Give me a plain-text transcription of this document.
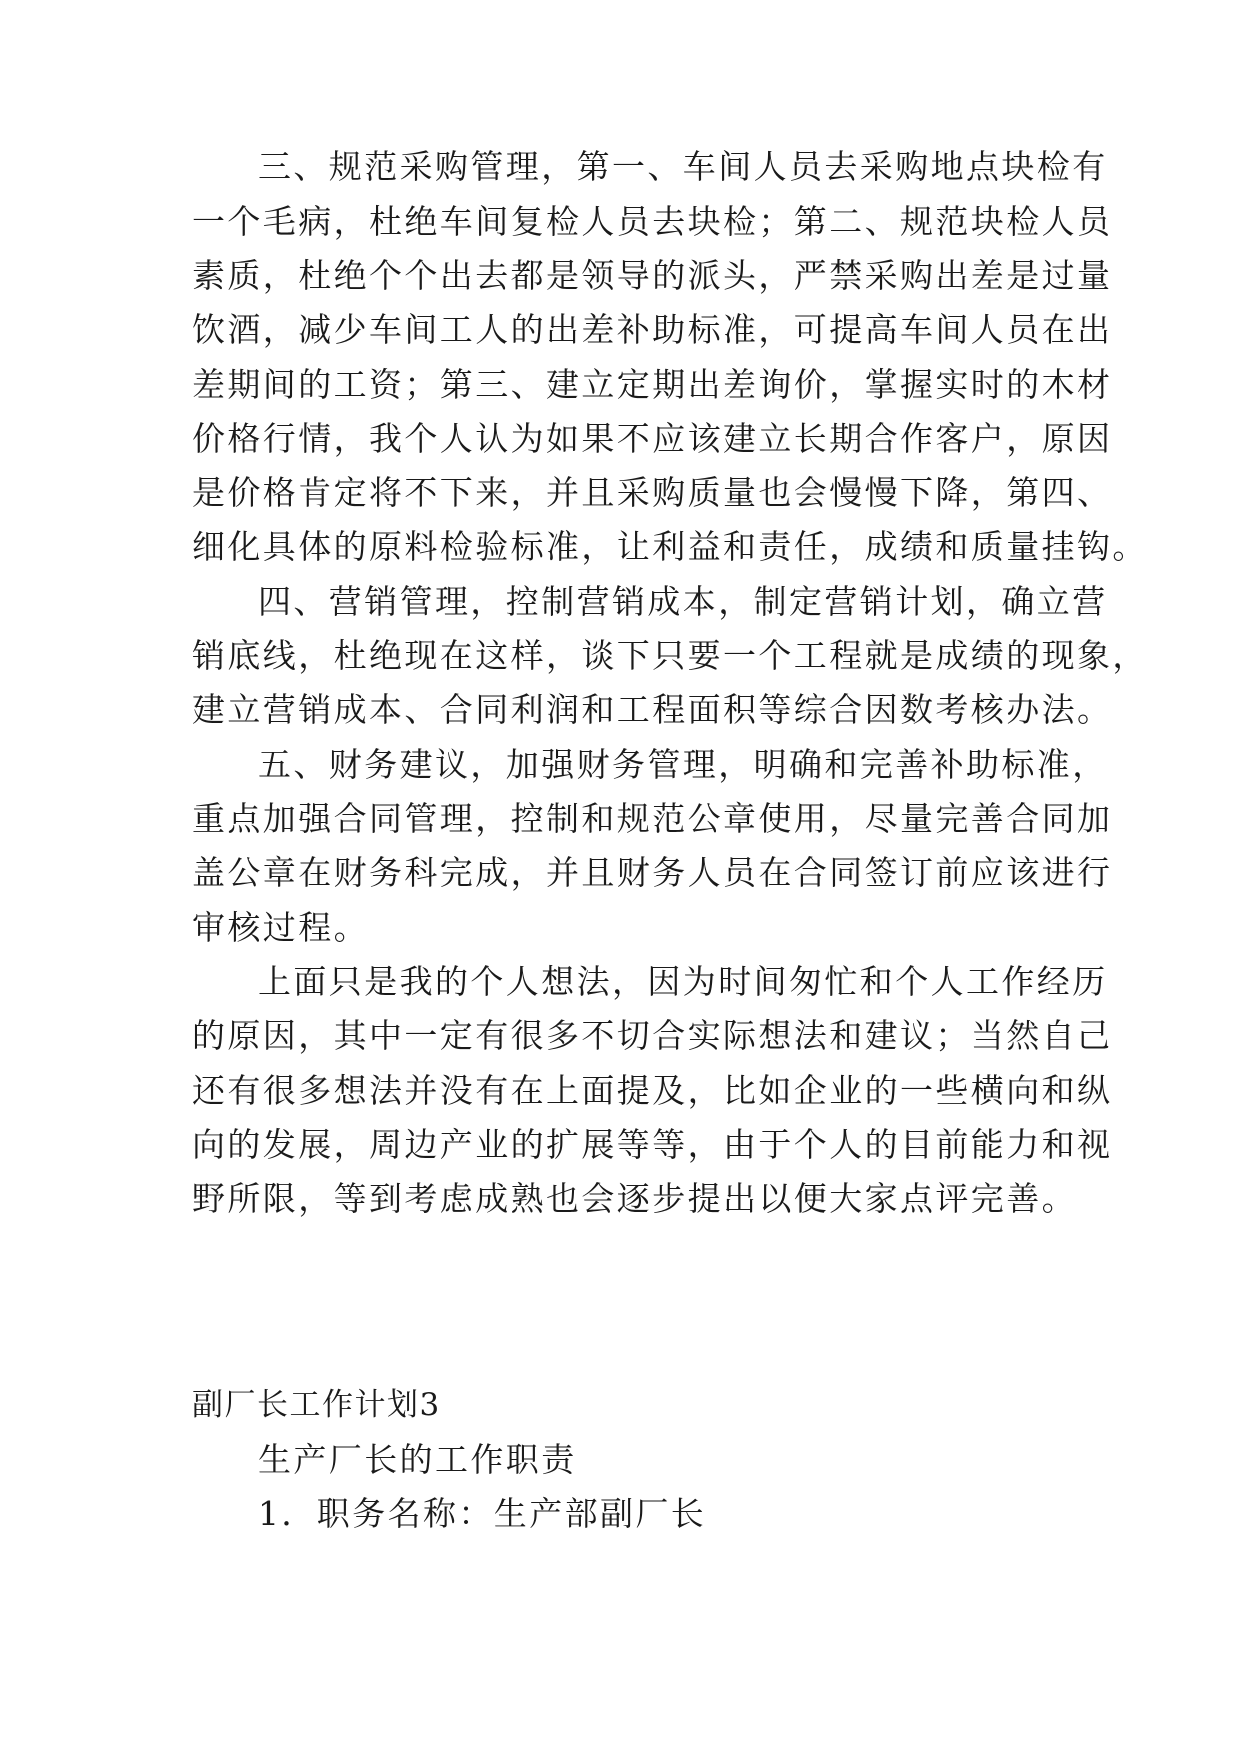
三、规范采购管理，第一、车间人员去采购地点块检有

一个毛病，杜绝车间复检人员去块检；第二、规范块检人员

素质，杜绝个个出去都是领导的派头，严禁采购出差是过量

饮酒，减少车间工人的出差补助标准，可提高车间人员在出

差期间的工资；第三、建立定期出差询价，掌握实时的木材

价格行情，我个人认为如果不应该建立长期合作客户，原因

是价格肯定将不下来，并且采购质量也会慢慢下降，第四、

细化具体的原料检验标准，让利益和责任，成绩和质量挂钩。

四、营销管理，控制营销成本，制定营销计划，确立营

销底线，杜绝现在这样，谈下只要一个工程就是成绩的现象，

建立营销成本、合同利润和工程面积等综合因数考核办法。

五、财务建议，加强财务管理，明确和完善补助标准，

重点加强合同管理，控制和规范公章使用，尽量完善合同加

盖公章在财务科完成，并且财务人员在合同签订前应该进行

审核过程。

上面只是我的个人想法，因为时间匆忙和个人工作经历

的原因，其中一定有很多不切合实际想法和建议；当然自己

还有很多想法并没有在上面提及，比如企业的一些横向和纵

向的发展，周边产业的扩展等等，由于个人的目前能力和视

野所限，等到考虑成熟也会逐步提出以便大家点评完善。

副厂长工作计划3

生产厂长的工作职责

1．职务名称：生产部副厂长
